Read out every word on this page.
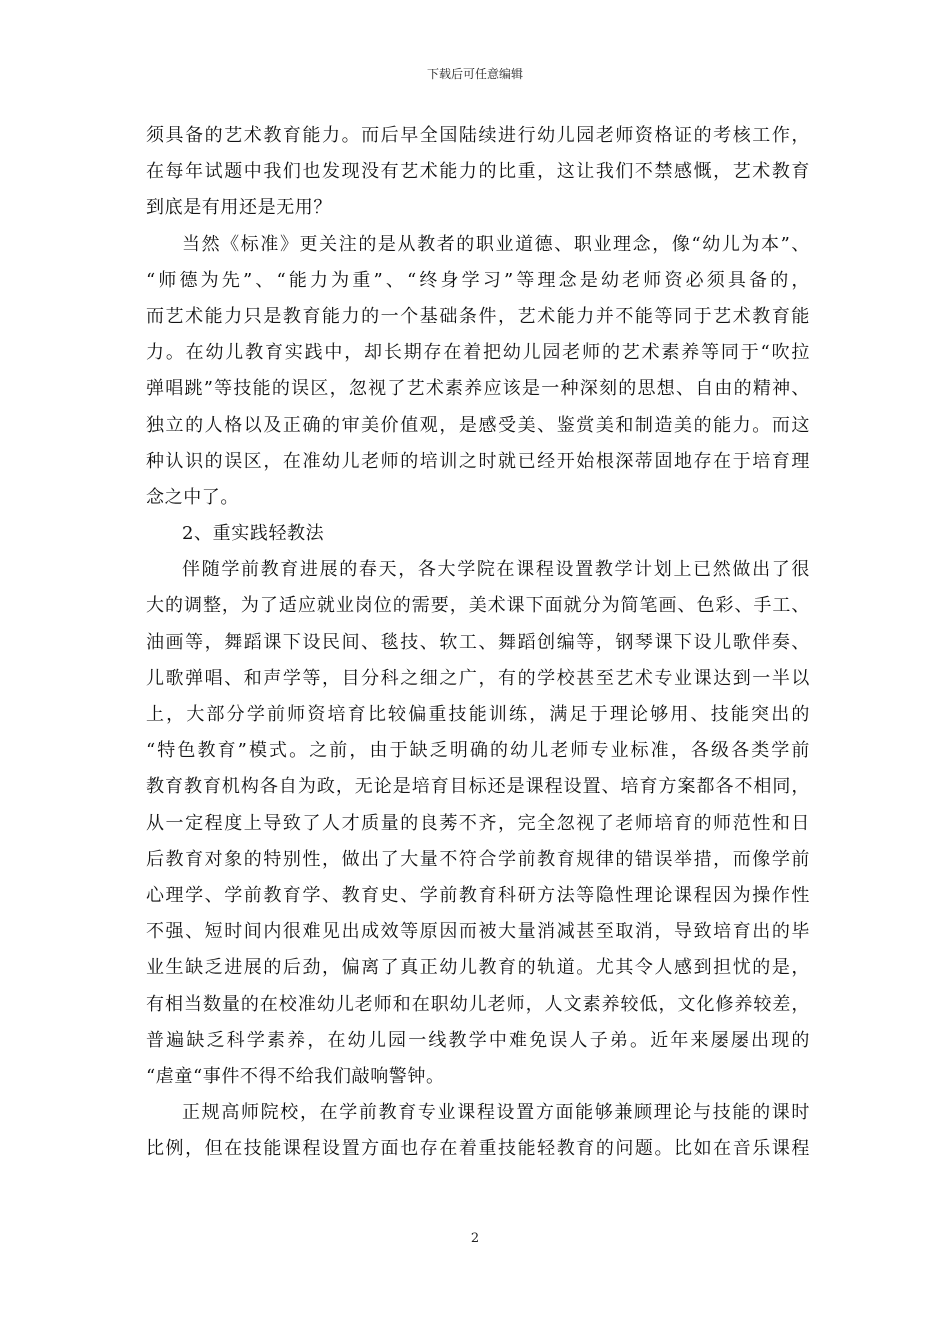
下载后可任意编辑
须具备的艺术教育能力。而后早全国陆续进行幼儿园老师资格证的考核工作，
在每年试题中我们也发现没有艺术能力的比重，这让我们不禁感慨，艺术教育
到底是有用还是无用？
当然《标准》更关注的是从教者的职业道德、职业理念，像“幼儿为本”、
“师德为先”、“能力为重”、“终身学习”等理念是幼老师资必须具备的，
而艺术能力只是教育能力的一个基础条件，艺术能力并不能等同于艺术教育能
力。在幼儿教育实践中，却长期存在着把幼儿园老师的艺术素养等同于“吹拉
弹唱跳”等技能的误区，忽视了艺术素养应该是一种深刻的思想、自由的精神、
独立的人格以及正确的审美价值观，是感受美、鉴赏美和制造美的能力。而这
种认识的误区，在准幼儿老师的培训之时就已经开始根深蒂固地存在于培育理
念之中了。
2、重实践轻教法
伴随学前教育进展的春天，各大学院在课程设置教学计划上已然做出了很
大的调整，为了适应就业岗位的需要，美术课下面就分为简笔画、色彩、手工、
油画等，舞蹈课下设民间、毯技、软工、舞蹈创编等，钢琴课下设儿歌伴奏、
儿歌弹唱、和声学等，目分科之细之广，有的学校甚至艺术专业课达到一半以
上，大部分学前师资培育比较偏重技能训练，满足于理论够用、技能突出的
“特色教育”模式。之前，由于缺乏明确的幼儿老师专业标准，各级各类学前
教育教育机构各自为政，无论是培育目标还是课程设置、培育方案都各不相同，
从一定程度上导致了人才质量的良莠不齐，完全忽视了老师培育的师范性和日
后教育对象的特别性，做出了大量不符合学前教育规律的错误举措，而像学前
心理学、学前教育学、教育史、学前教育科研方法等隐性理论课程因为操作性
不强、短时间内很难见出成效等原因而被大量消减甚至取消，导致培育出的毕
业生缺乏进展的后劲，偏离了真正幼儿教育的轨道。尤其令人感到担忧的是，
有相当数量的在校准幼儿老师和在职幼儿老师，人文素养较低，文化修养较差，
普遍缺乏科学素养，在幼儿园一线教学中难免误人子弟。近年来屡屡出现的
“虐童“事件不得不给我们敲响警钟。
正规高师院校，在学前教育专业课程设置方面能够兼顾理论与技能的课时
比例，但在技能课程设置方面也存在着重技能轻教育的问题。比如在音乐课程
2
